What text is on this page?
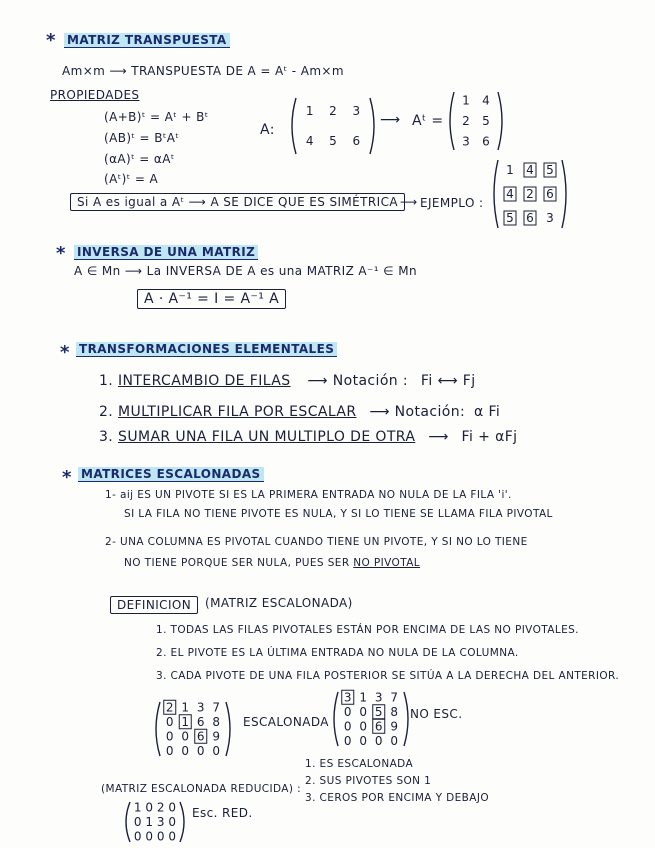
* MATRIZ TRANSPUESTA
Am×m ⟶ TRANSPUESTA DE A = Aᵗ - Am×m
PROPIEDADES
(A+B)ᵗ = Aᵗ + Bᵗ
(AB)ᵗ = BᵗAᵗ
(αA)ᵗ = αAᵗ
(Aᵗ)ᵗ = A
A:
1 2 3
4 5 6
⟶ Aᵗ =
1 4
2 5
3 6
Si A es igual a Aᵗ ⟶ A SE DICE QUE ES SIMÉTRICA ⟶ EJEMPLO :
1 4 5
4 2 6
5 6 3
* INVERSA DE UNA MATRIZ
A ∈ Mn ⟶ La INVERSA DE A es una MATRIZ A⁻¹ ∈ Mn
A · A⁻¹ = I = A⁻¹ A
* TRANSFORMACIONES ELEMENTALES
1. INTERCAMBIO DE FILAS ⟶ Notación : Fi ⟷ Fj
2. MULTIPLICAR FILA POR ESCALAR ⟶ Notación: α Fi
3. SUMAR UNA FILA UN MULTIPLO DE OTRA ⟶ Fi + αFj
* MATRICES ESCALONADAS
1- aij ES UN PIVOTE SI ES LA PRIMERA ENTRADA NO NULA DE LA FILA 'i'.
SI LA FILA NO TIENE PIVOTE ES NULA, Y SI LO TIENE SE LLAMA FILA PIVOTAL
2- UNA COLUMNA ES PIVOTAL CUANDO TIENE UN PIVOTE, Y SI NO LO TIENE
NO TIENE PORQUE SER NULA, PUES SER NO PIVOTAL
DEFINICION	(MATRIZ ESCALONADA)
1. TODAS LAS FILAS PIVOTALES ESTÁN POR ENCIMA DE LAS NO PIVOTALES.
2. EL PIVOTE ES LA ÚLTIMA ENTRADA NO NULA DE LA COLUMNA.
3. CADA PIVOTE DE UNA FILA POSTERIOR SE SITÚA A LA DERECHA DEL ANTERIOR.
2 1 3 7
0 1 6 8
0 0 6 9
0 0 0 0
ESCALONADA
3 1 3 7
0 0 5 8
0 0 6 9
0 0 0 0
NO ESC.
(MATRIZ ESCALONADA REDUCIDA) :
1. ES ESCALONADA
2. SUS PIVOTES SON 1
3. CEROS POR ENCIMA Y DEBAJO
1 0 2 0
0 1 3 0
0 0 0 0
Esc. RED.
